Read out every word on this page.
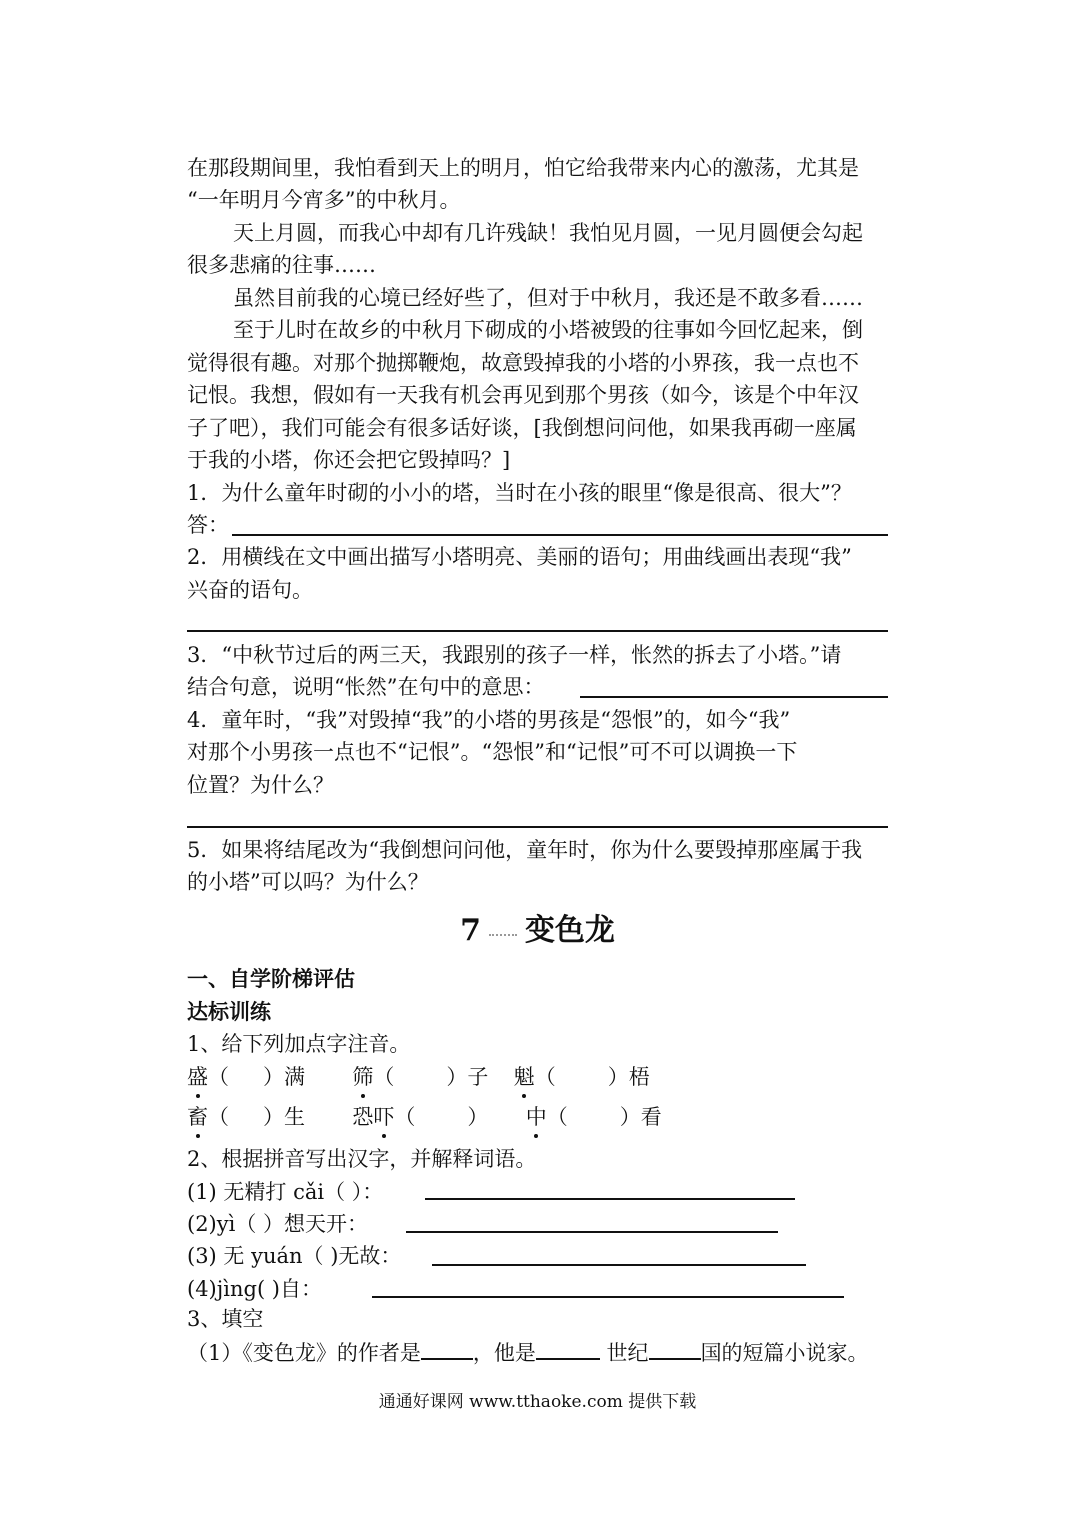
在那段期间里，我怕看到天上的明月，怕它给我带来内心的激荡，尤其是
“一年明月今宵多”的中秋月。
天上月圆，而我心中却有几许残缺！我怕见月圆，一见月圆便会勾起
很多悲痛的往事……
虽然目前我的心境已经好些了，但对于中秋月，我还是不敢多看……
至于儿时在故乡的中秋月下砌成的小塔被毁的往事如今回忆起来，倒
觉得很有趣。对那个抛掷鞭炮，故意毁掉我的小塔的小界孩，我一点也不
记恨。我想，假如有一天我有机会再见到那个男孩（如今，该是个中年汉
子了吧），我们可能会有很多话好谈，[我倒想问问他，如果我再砌一座属
于我的小塔，你还会把它毁掉吗？]
1．为什么童年时砌的小小的塔，当时在小孩的眼里“像是很高、很大”？
答：
2．用横线在文中画出描写小塔明亮、美丽的语句；用曲线画出表现“我”
兴奋的语句。
3．“中秋节过后的两三天，我跟别的孩子一样，怅然的拆去了小塔。”请
结合句意，说明“怅然”在句中的意思：
4．童年时，“我”对毁掉“我”的小塔的男孩是“怨恨”的，如今“我”
对那个小男孩一点也不“记恨”。“怨恨”和“记恨”可不可以调换一下
位置？为什么？
5．如果将结尾改为“我倒想问问他，童年时，你为什么要毁掉那座属于我
的小塔”可以吗？为什么？
7 变色龙
一、自学阶梯评估
达标训练
1、给下列加点字注音。
盛（ ）满 筛（ ）子 魁（ ）梧
畜（ ）生 恐吓（ ） 中（ ）看
2、根据拼音写出汉字，并解释词语。
(1) 无精打 cǎi（ ）：
(2)yì（ ）想天开：
(3) 无 yuán（ )无故：
(4)jìng( )自：
3、填空
（1）《变色龙》的作者是 ，他是	世纪 国的短篇小说家。
通通好课网 www.tthaoke.com 提供下载
